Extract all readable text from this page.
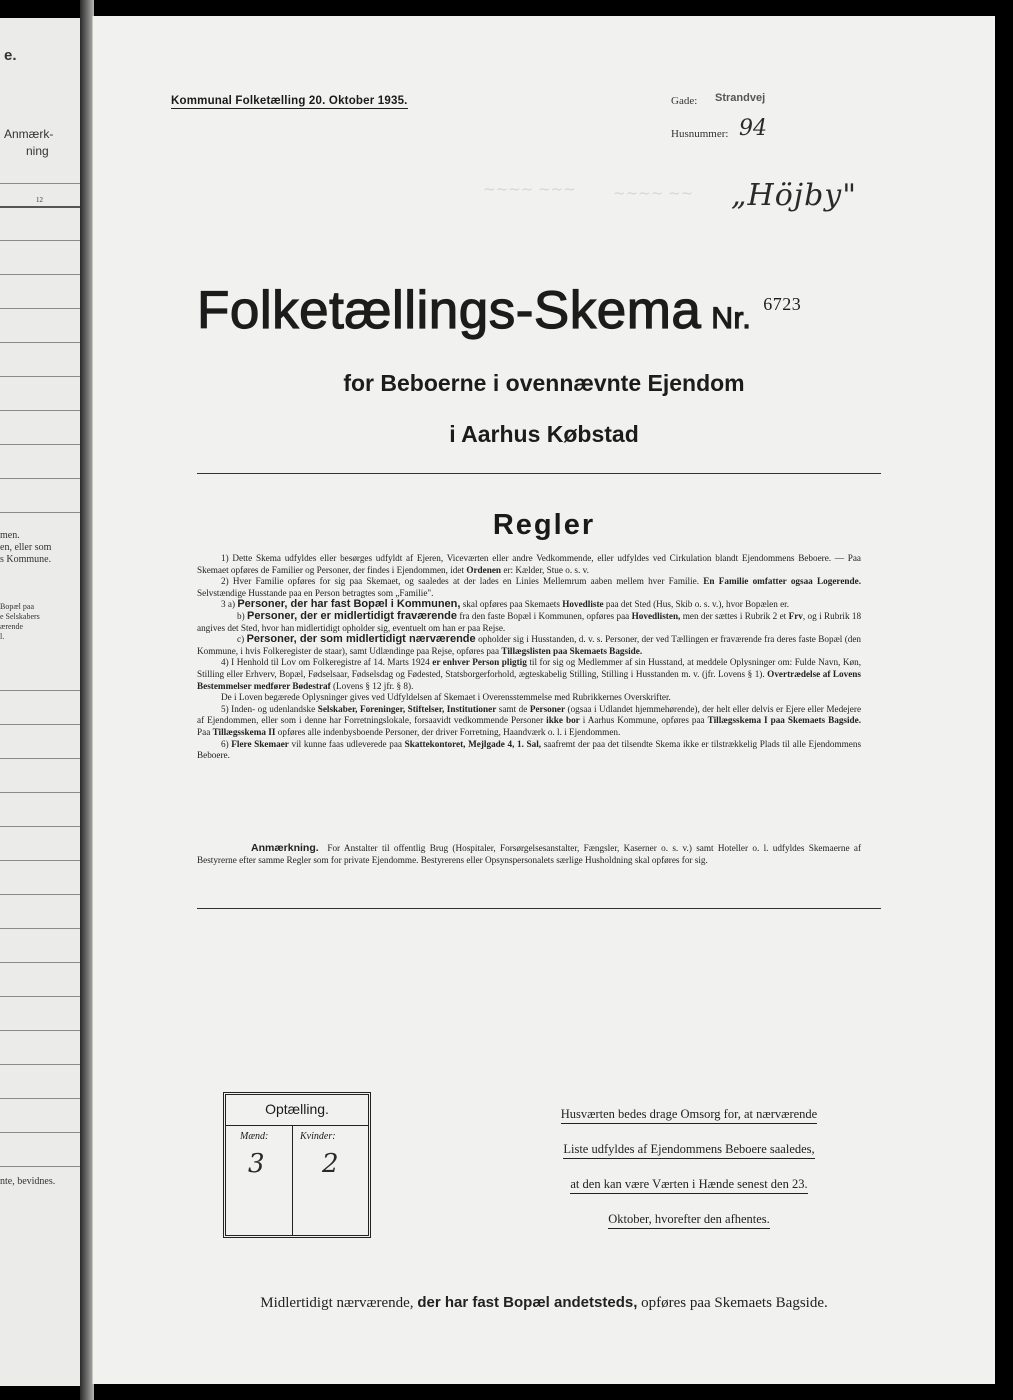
e.
Anmærk-
ning
12
men.
en, eller som
s Kommune.
Bopæl paa
e Selskabers
ærende
l.
nte, bevidnes.
Kommunal Folketælling 20. Oktober 1935.	Gade: Strandvej
Husnummer: 94
„Höjby"
~~~~ ~~~ ~~~~ ~~
Folketællings-Skema Nr. $^{6723}$
for Beboerne i ovennævnte Ejendom
i Aarhus Købstad
Regler

1) Dette Skema udfyldes eller besørges udfyldt af Ejeren, Viceværten eller andre Vedkommende, eller udfyldes ved Cirkulation blandt Ejendommens Beboere. — Paa Skemaet opføres de Familier og Personer, der findes i Ejendommen, idet Ordenen er: Kælder, Stue o. s. v.

2) Hver Familie opføres for sig paa Skemaet, og saaledes at der lades en Linies Mellemrum aaben mellem hver Familie. En Familie omfatter ogsaa Logerende. Selvstændige Husstande paa en Person betragtes som „Familie".

3 a) Personer, der har fast Bopæl i Kommunen, skal opføres paa Skemaets Hovedliste paa det Sted (Hus, Skib o. s. v.), hvor Bopælen er.

b) Personer, der er midlertidigt fraværende fra den faste Bopæl i Kommunen, opføres paa Hovedlisten, men der sættes i Rubrik 2 et Frv, og i Rubrik 18 angives det Sted, hvor han midlertidigt opholder sig, eventuelt om han er paa Rejse.

c) Personer, der som midlertidigt nærværende opholder sig i Husstanden, d. v. s. Personer, der ved Tællingen er fraværende fra deres faste Bopæl (den Kommune, i hvis Folkeregister de staar), samt Udlændinge paa Rejse, opføres paa Tillægslisten paa Skemaets Bagside.

4) I Henhold til Lov om Folkeregistre af 14. Marts 1924 er enhver Person pligtig til for sig og Medlemmer af sin Husstand, at meddele Oplysninger om: Fulde Navn, Køn, Stilling eller Erhverv, Bopæl, Fødselsaar, Fødselsdag og Fødested, Statsborgerforhold, ægteskabelig Stilling, Stilling i Husstanden m. v. (jfr. Lovens § 1). Overtrædelse af Lovens Bestemmelser medfører Bødestraf (Lovens § 12 jfr. § 8).

De i Loven begærede Oplysninger gives ved Udfyldelsen af Skemaet i Overensstemmelse med Rubrikkernes Overskrifter.

5) Inden- og udenlandske Selskaber, Foreninger, Stiftelser, Institutioner samt de Personer (ogsaa i Udlandet hjemmehørende), der helt eller delvis er Ejere eller Medejere af Ejendommen, eller som i denne har Forretningslokale, forsaavidt vedkommende Personer ikke bor i Aarhus Kommune, opføres paa Tillægsskema I paa Skemaets Bagside. Paa Tillægsskema II opføres alle indenbysboende Personer, der driver Forretning, Haandværk o. l. i Ejendommen.

6) Flere Skemaer vil kunne faas udleverede paa Skattekontoret, Mejlgade 4, 1. Sal, saafremt der paa det tilsendte Skema ikke er tilstrækkelig Plads til alle Ejendommens Beboere.

Anmærkning. For Anstalter til offentlig Brug (Hospitaler, Forsørgelsesanstalter, Fængsler, Kaserner o. s. v.) samt Hoteller o. l. udfyldes Skemaerne af Bestyrerne efter samme Regler som for private Ejendomme. Bestyrerens eller Opsynspersonalets særlige Husholdning skal opføres for sig.
Optælling.
Mænd:	Kvinder:
3 2
Husværten bedes drage Omsorg for, at nærværende
Liste udfyldes af Ejendommens Beboere saaledes,
at den kan være Værten i Hænde senest den 23.
Oktober, hvorefter den afhentes.
Midlertidigt nærværende, der har fast Bopæl andetsteds, opføres paa Skemaets Bagside.
